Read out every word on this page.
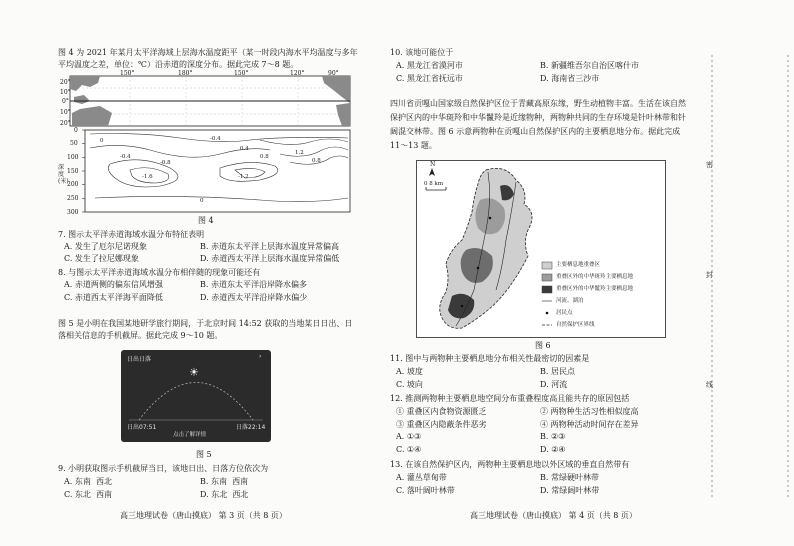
图 4 为 2021 年某月太平洋海域上层海水温度距平（某一时段内海水平均温度与多年平均温度之差，单位：℃）沿赤道的深度分布。据此完成 7～8 题。
20°
10°
0°
10°
20°
150°	180°	150°	120°	90°
0
50
100
150
200
250
300
深度(米)
-0.4
0
0.4
0.8
1.2
0.8
-0.4
-0.8
-1.2
-1.6
0
图 4
7. 图示太平洋赤道海域水温分布特征表明
A. 发生了厄尔尼诺现象	B. 赤道东太平洋上层海水温度异常偏高
C. 发生了拉尼娜现象	D. 赤道西太平洋上层海水温度异常偏低
8. 与图示太平洋赤道海域水温分布相伴随的现象可能还有
A. 赤道两侧的偏东信风增强	B. 赤道东太平洋沿岸降水偏多
C. 赤道西太平洋海平面降低	D. 赤道西太平洋沿岸降水偏少
图 5 是小明在我国某地研学旅行期间，于北京时间 14:52 获取的当地某日日出、日落相关信息的手机截屏。据此完成 9～10 题。
日出日落	›
☀
日出07:51	日落22:14
点击了解详情
图 5
9. 小明获取图示手机截屏当日，该地日出、日落方位依次为
A. 东南 西北	B. 东南 西南
C. 东北 西南	D. 东北 西北
高三地理试卷（唐山摸底） 第 3 页（共 8 页）
10. 该地可能位于
A. 黑龙江省漠河市	B. 新疆维吾尔自治区喀什市
C. 黑龙江省抚远市	D. 海南省三沙市
四川省贡嘎山国家级自然保护区位于青藏高原东缘，野生动植物丰富。生活在该自然保护区内的中华斑羚和中华鬣羚是近缘物种，两物种共同的生存环境是针叶林带和针阔混交林带。图 6 示意两物种在贡嘎山自然保护区内的主要栖息地分布。据此完成 11～13 题。
N
0 8 km
主要栖息地重叠区
重叠区外的中华斑羚主要栖息地
重叠区外的中华鬣羚主要栖息地
河流、湖泊
居民点
自然保护区界线
图 6
11. 图中与两物种主要栖息地分布相关性最密切的因素是
A. 坡度	B. 居民点
C. 坡向	D. 河流
12. 推测两物种主要栖息地空间分布重叠程度高且能共存的原因包括
① 重叠区内食物资源匮乏	② 两物种生活习性相似度高
③ 重叠区内隐蔽条件恶劣	④ 两物种活动时间存在差异
A. ①③	B. ②③
C. ①④	D. ②④
13. 在该自然保护区内，两物种主要栖息地以外区域的垂直自然带有
A. 灌丛草甸带	B. 常绿硬叶林带
C. 落叶阔叶林带	D. 常绿阔叶林带
高三地理试卷（唐山摸底） 第 4 页（共 8 页）
密
封
线
